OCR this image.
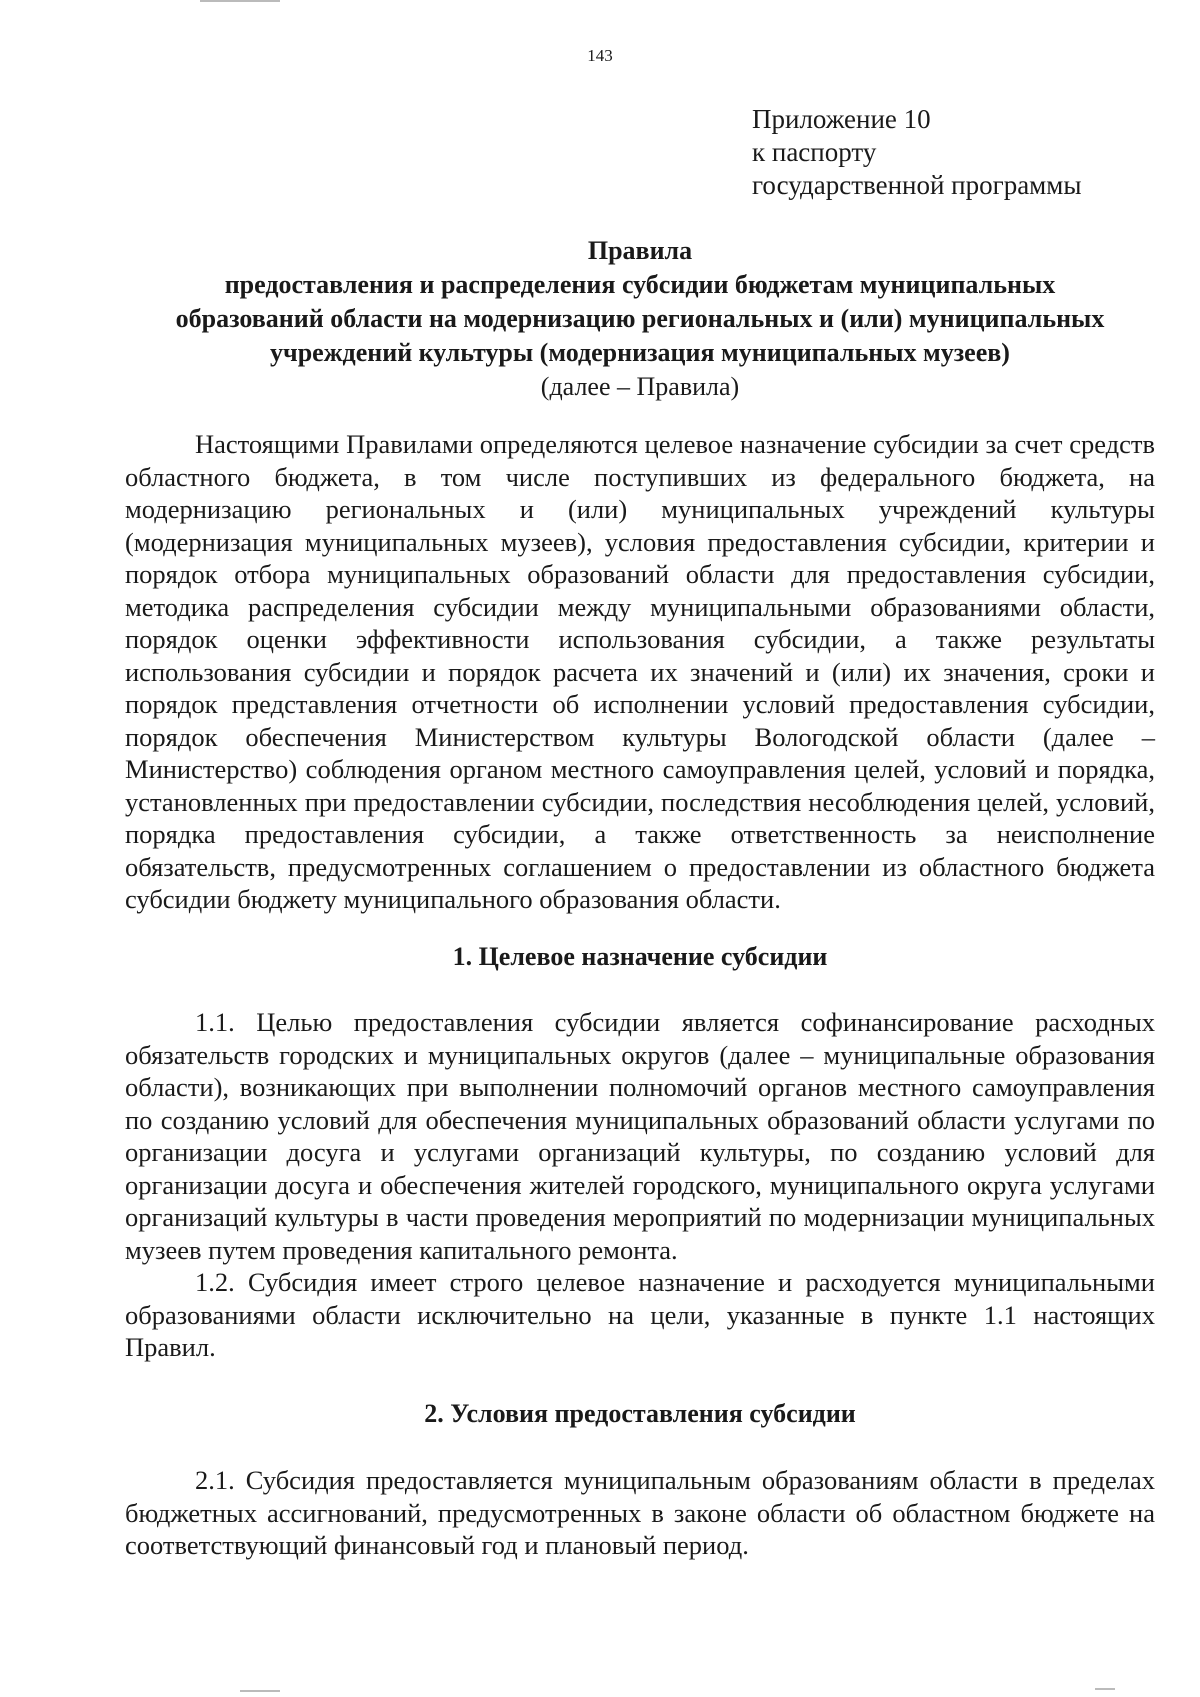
143
Приложение 10
к паспорту
государственной программы
Правила
предоставления и распределения субсидии бюджетам муниципальных
образований области на модернизацию региональных и (или) муниципальных
учреждений культуры (модернизация муниципальных музеев)
(далее – Правила)

Настоящими Правилами определяются целевое назначение субсидии за счет средств областного бюджета, в том числе поступивших из федерального бюджета, на модернизацию региональных и (или) муниципальных учреждений культуры (модернизация муниципальных музеев), условия предоставления субсидии, критерии и порядок отбора муниципальных образований области для предоставления субсидии, методика распределения субсидии между муниципальными образованиями области, порядок оценки эффективности использования субсидии, а также результаты использования субсидии и порядок расчета их значений и (или) их значения, сроки и порядок представления отчетности об исполнении условий предоставления субсидии, порядок обеспечения Министерством культуры Вологодской области (далее – Министерство) соблюдения органом местного самоуправления целей, условий и порядка, установленных при предоставлении субсидии, последствия несоблюдения целей, условий, порядка предоставления субсидии, а также ответственность за неисполнение обязательств, предусмотренных соглашением о предоставлении из областного бюджета субсидии бюджету муниципального образования области.

1. Целевое назначение субсидии

1.1. Целью предоставления субсидии является софинансирование расходных обязательств городских и муниципальных округов (далее – муниципальные образования области), возникающих при выполнении полномочий органов местного самоуправления по созданию условий для обеспечения муниципальных образований области услугами по организации досуга и услугами организаций культуры, по созданию условий для организации досуга и обеспечения жителей городского, муниципального округа услугами организаций культуры в части проведения мероприятий по модернизации муниципальных музеев путем проведения капитального ремонта.

1.2. Субсидия имеет строго целевое назначение и расходуется муниципальными образованиями области исключительно на цели, указанные в пункте 1.1 настоящих Правил.

2. Условия предоставления субсидии

2.1. Субсидия предоставляется муниципальным образованиям области в пределах бюджетных ассигнований, предусмотренных в законе области об областном бюджете на соответствующий финансовый год и плановый период.
